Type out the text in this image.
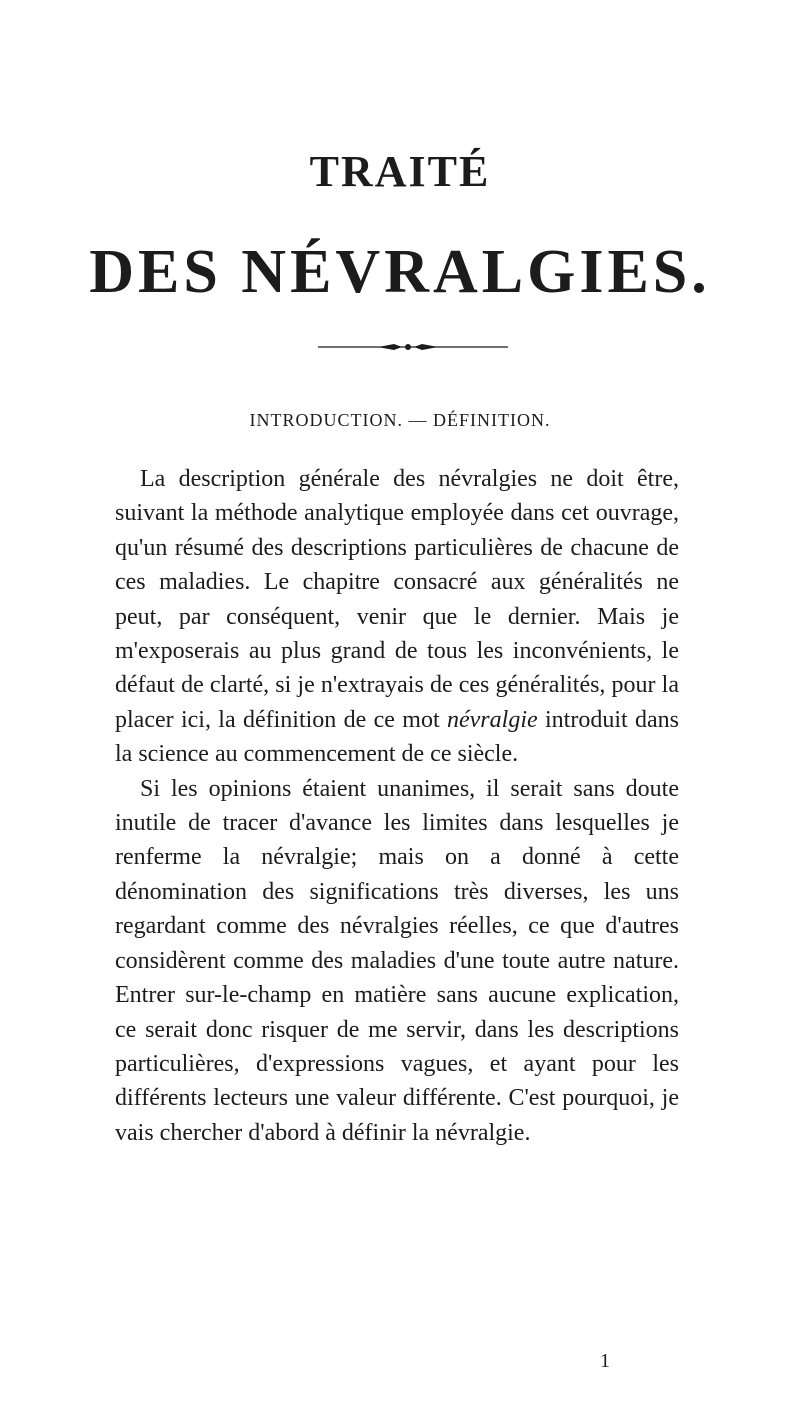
TRAITÉ
DES NÉVRALGIES.
INTRODUCTION. — DÉFINITION.

La description générale des névralgies ne doit être, suivant la méthode analytique employée dans cet ouvrage, qu'un résumé des descriptions particulières de chacune de ces maladies. Le chapitre consacré aux généralités ne peut, par conséquent, venir que le dernier. Mais je m'exposerais au plus grand de tous les inconvénients, le défaut de clarté, si je n'extrayais de ces généralités, pour la placer ici, la définition de ce mot névralgie introduit dans la science au commencement de ce siècle.

Si les opinions étaient unanimes, il serait sans doute inutile de tracer d'avance les limites dans lesquelles je renferme la névralgie; mais on a donné à cette dénomination des significations très diverses, les uns regardant comme des névralgies réelles, ce que d'autres considèrent comme des maladies d'une toute autre nature. Entrer sur-le-champ en matière sans aucune explication, ce serait donc risquer de me servir, dans les descriptions particulières, d'expressions vagues, et ayant pour les différents lecteurs une valeur différente. C'est pourquoi, je vais chercher d'abord à définir la névralgie.

1
